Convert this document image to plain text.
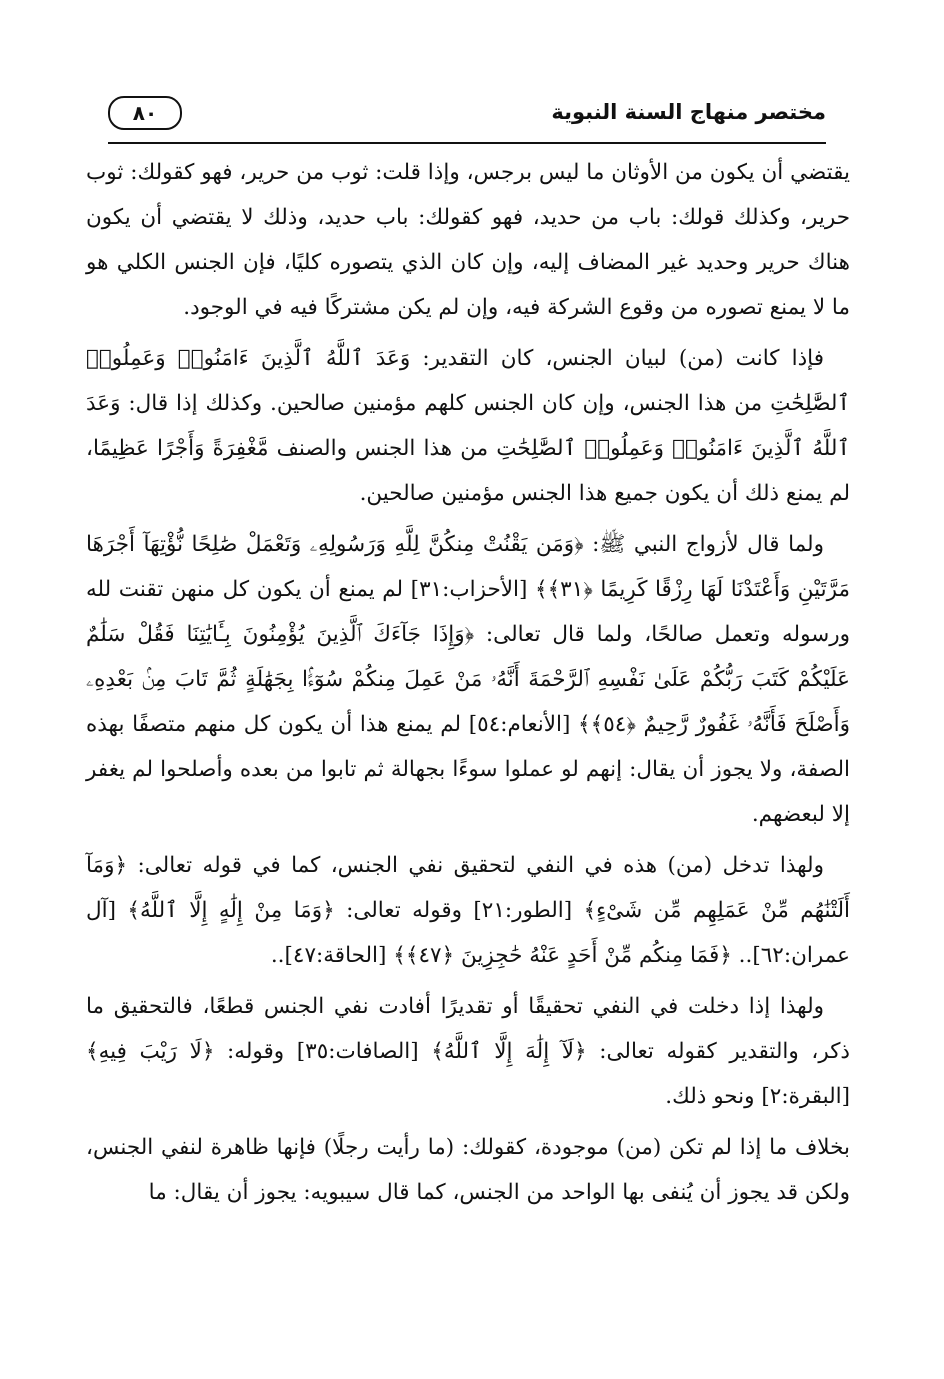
مختصر منهاج السنة النبوية
٨٠

يقتضي أن يكون من الأوثان ما ليس برجس، وإذا قلت: ثوب من حرير، فهو كقولك: ثوب حرير، وكذلك قولك: باب من حديد، فهو كقولك: باب حديد، وذلك لا يقتضي أن يكون هناك حرير وحديد غير المضاف إليه، وإن كان الذي يتصوره كليًا، فإن الجنس الكلي هو ما لا يمنع تصوره من وقوع الشركة فيه، وإن لم يكن مشتركًا فيه في الوجود.

فإذا كانت (من) لبيان الجنس، كان التقدير: وَعَدَ ٱللَّهُ ٱلَّذِينَ ءَامَنُوا۟ وَعَمِلُوا۟ ٱلصَّٰلِحَٰتِ من هذا الجنس، وإن كان الجنس كلهم مؤمنين صالحين. وكذلك إذا قال: وَعَدَ ٱللَّهُ ٱلَّذِينَ ءَامَنُوا۟ وَعَمِلُوا۟ ٱلصَّٰلِحَٰتِ من هذا الجنس والصنف مَّغْفِرَةً وَأَجْرًا عَظِيمًا، لم يمنع ذلك أن يكون جميع هذا الجنس مؤمنين صالحين.

ولما قال لأزواج النبي ﷺ: ﴿وَمَن يَقْنُتْ مِنكُنَّ لِلَّهِ وَرَسُولِهِۦ وَتَعْمَلْ صَٰلِحًا نُّؤْتِهَآ أَجْرَهَا مَرَّتَيْنِ وَأَعْتَدْنَا لَهَا رِزْقًا كَرِيمًا ﴿٣١﴾﴾ [الأحزاب:٣١] لم يمنع أن يكون كل منهن تقنت لله ورسوله وتعمل صالحًا، ولما قال تعالى: ﴿وَإِذَا جَآءَكَ ٱلَّذِينَ يُؤْمِنُونَ بِـَٔايَٰتِنَا فَقُلْ سَلَٰمٌ عَلَيْكُمْ كَتَبَ رَبُّكُمْ عَلَىٰ نَفْسِهِ ٱلرَّحْمَةَ أَنَّهُۥ مَنْ عَمِلَ مِنكُمْ سُوٓءًۢا بِجَهَٰلَةٍ ثُمَّ تَابَ مِنۢ بَعْدِهِۦ وَأَصْلَحَ فَأَنَّهُۥ غَفُورٌ رَّحِيمٌ ﴿٥٤﴾﴾ [الأنعام:٥٤] لم يمنع هذا أن يكون كل منهم متصفًا بهذه الصفة، ولا يجوز أن يقال: إنهم لو عملوا سوءًا بجهالة ثم تابوا من بعده وأصلحوا لم يغفر إلا لبعضهم.

ولهذا تدخل (من) هذه في النفي لتحقيق نفي الجنس، كما في قوله تعالى: ﴿وَمَآ أَلَتْنَٰهُم مِّنْ عَمَلِهِم مِّن شَىْءٍ﴾ [الطور:٢١] وقوله تعالى: ﴿وَمَا مِنْ إِلَٰهٍ إِلَّا ٱللَّهُ﴾ [آل عمران:٦٢].. ﴿فَمَا مِنكُم مِّنْ أَحَدٍ عَنْهُ حَٰجِزِينَ ﴿٤٧﴾﴾ [الحاقة:٤٧]..

ولهذا إذا دخلت في النفي تحقيقًا أو تقديرًا أفادت نفي الجنس قطعًا، فالتحقيق ما ذكر، والتقدير كقوله تعالى: ﴿لَآ إِلَٰهَ إِلَّا ٱللَّهُ﴾ [الصافات:٣٥] وقوله: ﴿لَا رَيْبَ فِيهِ﴾ [البقرة:٢] ونحو ذلك.

بخلاف ما إذا لم تكن (من) موجودة، كقولك: (ما رأيت رجلًا) فإنها ظاهرة لنفي الجنس، ولكن قد يجوز أن يُنفى بها الواحد من الجنس، كما قال سيبويه: يجوز أن يقال: ما
